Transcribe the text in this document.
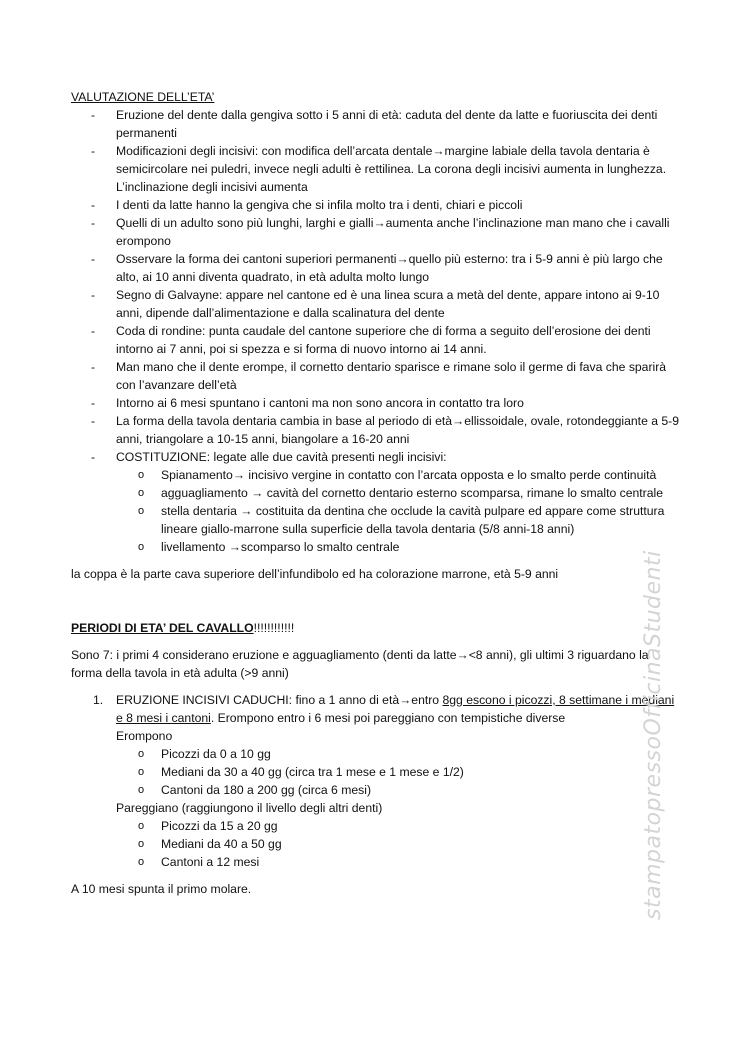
VALUTAZIONE DELL’ETA’

- Eruzione del dente dalla gengiva sotto i 5 anni di età: caduta del dente da latte e fuoriuscita dei denti permanenti
- Modificazioni degli incisivi: con modifica dell’arcata dentale→margine labiale della tavola dentaria è semicircolare nei puledri, invece negli adulti è rettilinea. La corona degli incisivi aumenta in lunghezza. L’inclinazione degli incisivi aumenta
- I denti da latte hanno la gengiva che si infila molto tra i denti, chiari e piccoli
- Quelli di un adulto sono più lunghi, larghi e gialli→aumenta anche l’inclinazione man mano che i cavalli erompono
- Osservare la forma dei cantoni superiori permanenti→quello più esterno: tra i 5-9 anni è più largo che alto, ai 10 anni diventa quadrato, in età adulta molto lungo
- Segno di Galvayne: appare nel cantone ed è una linea scura a metà del dente, appare intono ai 9-10 anni, dipende dall’alimentazione e dalla scalinatura del dente
- Coda di rondine: punta caudale del cantone superiore che di forma a seguito dell’erosione dei denti intorno ai 7 anni, poi si spezza e si forma di nuovo intorno ai 14 anni.
- Man mano che il dente erompe, il cornetto dentario sparisce e rimane solo il germe di fava che sparirà con l’avanzare dell’età
- Intorno ai 6 mesi spuntano i cantoni ma non sono ancora in contatto tra loro
- La forma della tavola dentaria cambia in base al periodo di età→ellissoidale, ovale, rotondeggiante a 5-9 anni, triangolare a 10-15 anni, biangolare a 16-20 anni
- COSTITUZIONE: legate alle due cavità presenti negli incisivi:
o Spianamento→ incisivo vergine in contatto con l’arcata opposta e lo smalto perde continuità
o agguagliamento → cavità del cornetto dentario esterno scomparsa, rimane lo smalto centrale
o stella dentaria → costituita da dentina che occlude la cavità pulpare ed appare come struttura lineare giallo-marrone sulla superficie della tavola dentaria (5/8 anni-18 anni)
o livellamento →scomparso lo smalto centrale

la coppa è la parte cava superiore dell’infundibolo ed ha colorazione marrone, età 5-9 anni

PERIODI DI ETA’ DEL CAVALLO!!!!!!!!!!!!

Sono 7: i primi 4 considerano eruzione e agguagliamento (denti da latte→<8 anni), gli ultimi 3 riguardano la forma della tavola in età adulta (>9 anni)

1. ERUZIONE INCISIVI CADUCHI: fino a 1 anno di età→entro 8gg escono i picozzi, 8 settimane i mediani e 8 mesi i cantoni. Erompono entro i 6 mesi poi pareggiano con tempistiche diverse
Erompono
o Picozzi da 0 a 10 gg
o Mediani da 30 a 40 gg (circa tra 1 mese e 1 mese e 1/2)
o Cantoni da 180 a 200 gg (circa 6 mesi)
Pareggiano (raggiungono il livello degli altri denti)
o Picozzi da 15 a 20 gg
o Mediani da 40 a 50 gg
o Cantoni a 12 mesi

A 10 mesi spunta il primo molare.	stampatopressoOfficinaStudenti
